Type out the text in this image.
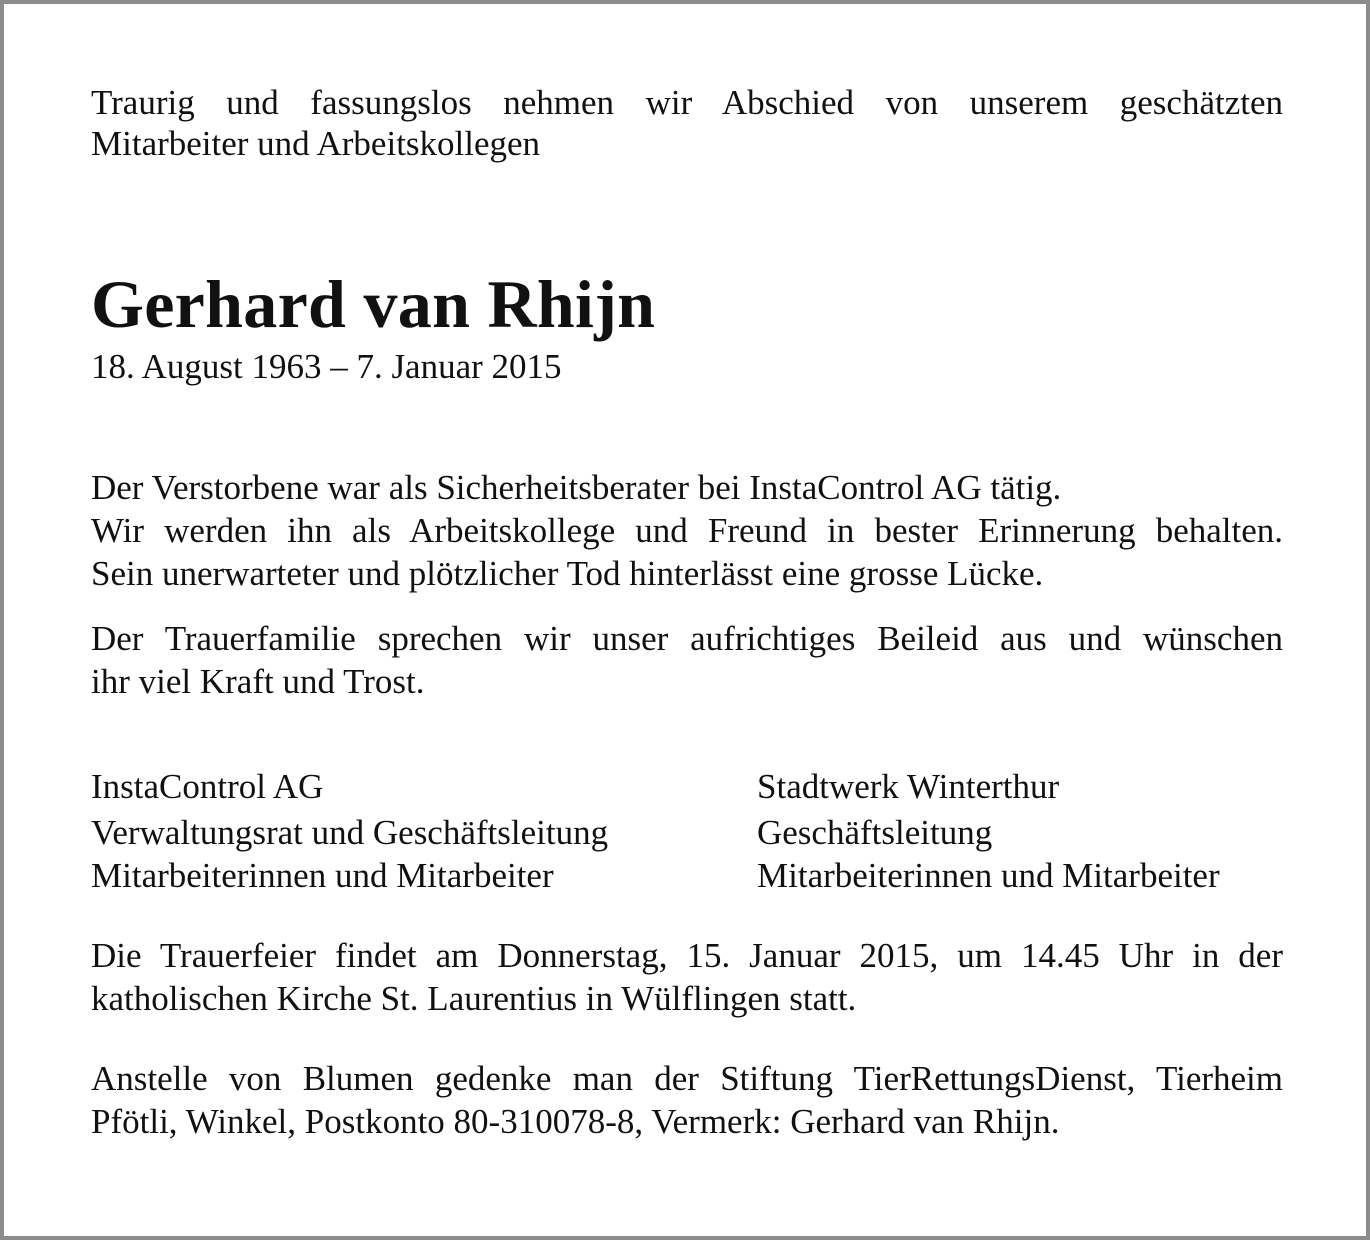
Traurig und fassungslos nehmen wir Abschied von unserem geschätzten
Mitarbeiter und Arbeitskollegen

Gerhard van Rhijn

18. August 1963 – 7. Januar 2015

Der Verstorbene war als Sicherheitsberater bei InstaControl AG tätig.
Wir werden ihn als Arbeitskollege und Freund in bester Erinnerung behalten.
Sein unerwarteter und plötzlicher Tod hinterlässt eine grosse Lücke.

Der Trauerfamilie sprechen wir unser aufrichtiges Beileid aus und wünschen
ihr viel Kraft und Trost.

InstaControl AG
Verwaltungsrat und Geschäftsleitung
Mitarbeiterinnen und Mitarbeiter
Stadtwerk Winterthur
Geschäftsleitung
Mitarbeiterinnen und Mitarbeiter

Die Trauerfeier findet am Donnerstag, 15. Januar 2015, um 14.45 Uhr in der
katholischen Kirche St. Laurentius in Wülflingen statt.

Anstelle von Blumen gedenke man der Stiftung TierRettungsDienst, Tierheim
Pfötli, Winkel, Postkonto 80-310078-8, Vermerk: Gerhard van Rhijn.
